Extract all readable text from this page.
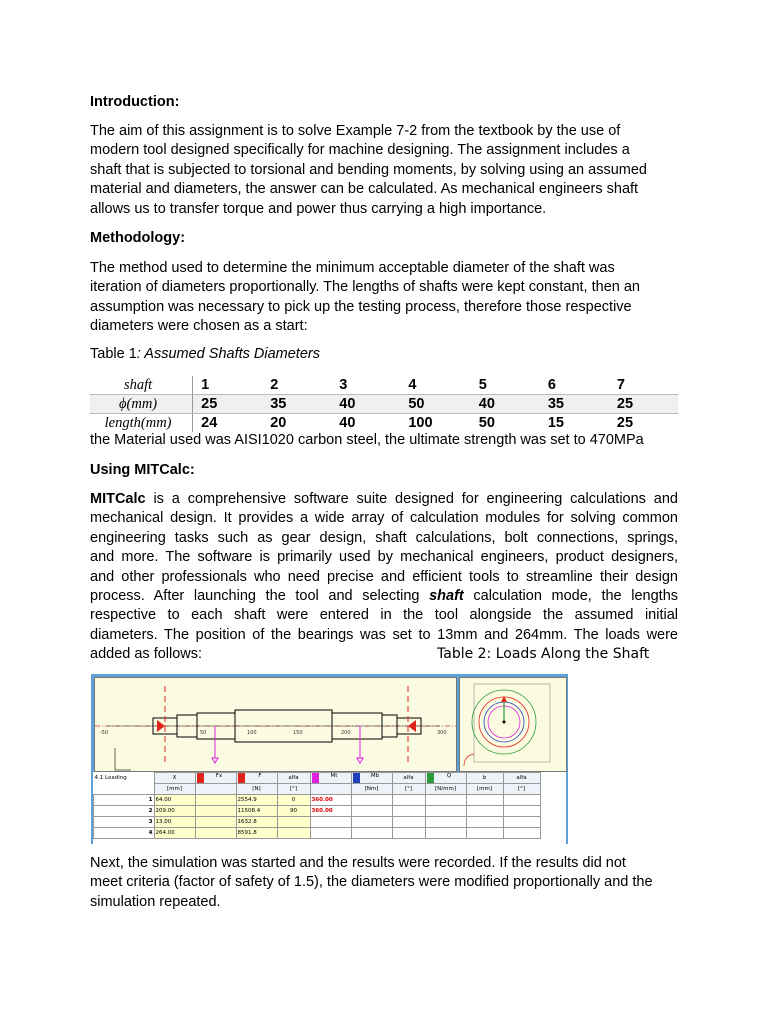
Introduction:
The aim of this assignment is to solve Example 7-2 from the textbook by the use of
modern tool designed specifically for machine designing. The assignment includes a
shaft that is subjected to torsional and bending moments, by solving using an assumed
material and diameters, the answer can be calculated. As mechanical engineers shaft
allows us to transfer torque and power thus carrying a high importance.
Methodology:
The method used to determine the minimum acceptable diameter of the shaft was
iteration of diameters proportionally. The lengths of shafts were kept constant, then an
assumption was necessary to pick up the testing process, therefore those respective
diameters were chosen as a start:
Table 1: Assumed Shafts Diameters
shaft	1	2	3	4	5	6	7
ϕ(mm)	25	35	40	50	40	35	25
length(mm)	24	20	40	100	50	15	25
the Material used was AISI1020 carbon steel, the ultimate strength was set to 470MPa
Using MITCalc:
MITCalc is a comprehensive software suite designed for engineering calculations and
mechanical design. It provides a wide array of calculation modules for solving common
engineering tasks such as gear design, shaft calculations, bolt connections, springs,
and more. The software is primarily used by mechanical engineers, product designers,
and other professionals who need precise and efficient tools to streamline their design
process. After launching the tool and selecting shaft calculation mode, the lengths
respective to each shaft were entered in the tool alongside the assumed initial
diameters. The position of the bearings was set to 13mm and 264mm. The loads were
added as follows:	Table 2: Loads Along the Shaft
-50	50	100	150	200	300
4.1 Loading	X	Fx	F	alfa	Mt	Mb	alfa	Q	b	alfa
	[mm]		[N]	[°]		[Nm]	[°]	[N/mm]	[mm]	[°]
1	64.00		2554.9	0	360.00					
2	209.00		11508.4	90	360.00					
3	13.00		1632.8							
4	264.00		8591.8							
Next, the simulation was started and the results were recorded. If the results did not
meet criteria (factor of safety of 1.5), the diameters were modified proportionally and the
simulation repeated.
